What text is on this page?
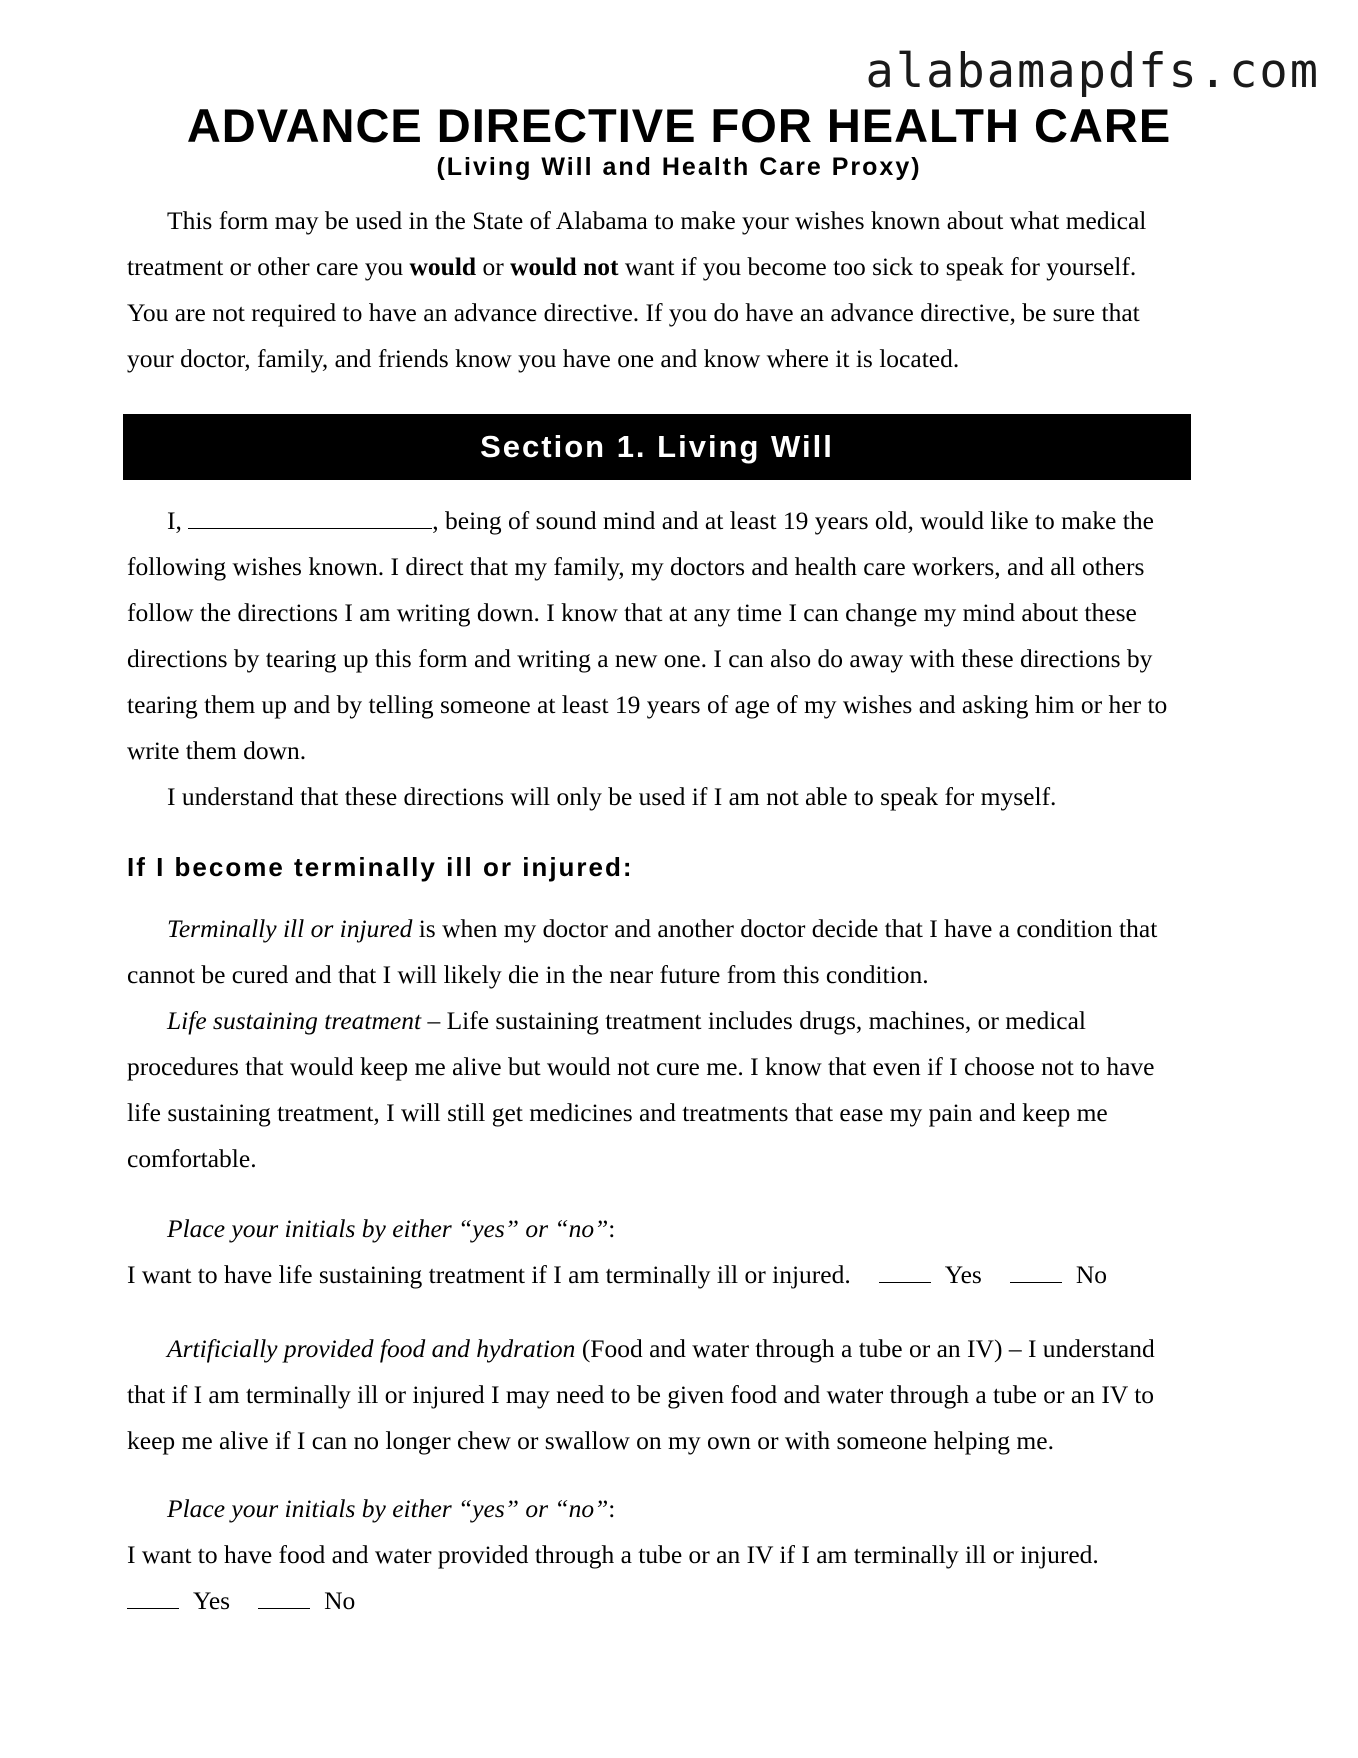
alabamapdfs.com
ADVANCE DIRECTIVE FOR HEALTH CARE
(Living Will and Health Care Proxy)
This form may be used in the State of Alabama to make your wishes known about what medical
treatment or other care you would or would not want if you become too sick to speak for yourself.
You are not required to have an advance directive. If you do have an advance directive, be sure that
your doctor, family, and friends know you have one and know where it is located.
Section 1. Living Will
I,	, being of sound mind and at least 19 years old, would like to make the
following wishes known. I direct that my family, my doctors and health care workers, and all others
follow the directions I am writing down. I know that at any time I can change my mind about these
directions by tearing up this form and writing a new one. I can also do away with these directions by
tearing them up and by telling someone at least 19 years of age of my wishes and asking him or her to
write them down.
I understand that these directions will only be used if I am not able to speak for myself.
If I become terminally ill or injured:
Terminally ill or injured is when my doctor and another doctor decide that I have a condition that
cannot be cured and that I will likely die in the near future from this condition.
Life sustaining treatment – Life sustaining treatment includes drugs, machines, or medical
procedures that would keep me alive but would not cure me. I know that even if I choose not to have
life sustaining treatment, I will still get medicines and treatments that ease my pain and keep me
comfortable.
Place your initials by either “yes” or “no”:
I want to have life sustaining treatment if I am terminally ill or injured.	Yes	No
Artificially provided food and hydration (Food and water through a tube or an IV) – I understand
that if I am terminally ill or injured I may need to be given food and water through a tube or an IV to
keep me alive if I can no longer chew or swallow on my own or with someone helping me.
Place your initials by either “yes” or “no”:
I want to have food and water provided through a tube or an IV if I am terminally ill or injured.
Yes	No
